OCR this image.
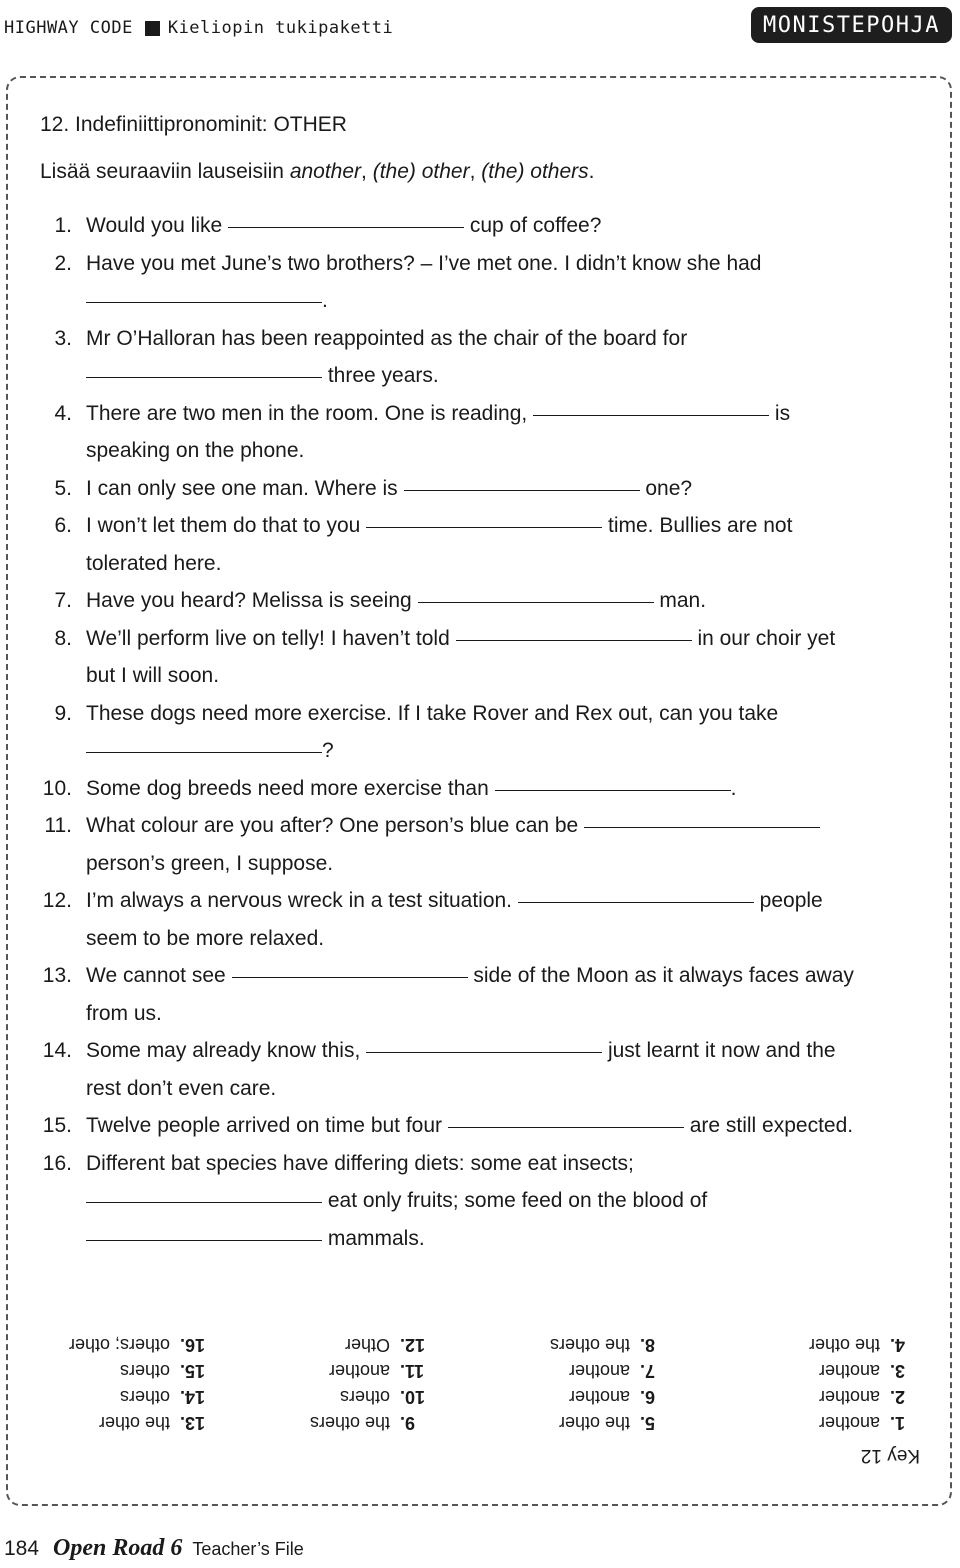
HIGHWAY CODE Kieliopin tukipaketti	MONISTEPOHJA
12. Indefiniittipronominit: OTHER
Lisää seuraaviin lauseisiin another, (the) other, (the) others.
1. Would you like	cup of coffee?
2. Have you met June’s two brothers? – I’ve met one. I didn’t know she had
.
3. Mr O’Halloran has been reappointed as the chair of the board for
three years.
4. There are two men in the room. One is reading,	is
speaking on the phone.
5. I can only see one man. Where is	one?
6. I won’t let them do that to you	time. Bullies are not
tolerated here.
7. Have you heard? Melissa is seeing	man.
8. We’ll perform live on telly! I haven’t told	in our choir yet
but I will soon.
9. These dogs need more exercise. If I take Rover and Rex out, can you take
?
10. Some dog breeds need more exercise than	.
11. What colour are you after? One person’s blue can be
person’s green, I suppose.
12. I’m always a nervous wreck in a test situation.	people
seem to be more relaxed.
13. We cannot see	side of the Moon as it always faces away
from us.
14. Some may already know this,	just learnt it now and the
rest don’t even care.
15. Twelve people arrived on time but four	are still expected.
16. Different bat species have differing diets: some eat insects;
eat only fruits; some feed on the blood of
mammals.
Key 12
1.another
2.another
3.another
4.the other
5.the other
6.another
7.another
8.the others
9.the others
10.others
11.another
12.Other
13.the other
14.others
15.others
16.others; other
184 Open Road 6 Teacher’s File
